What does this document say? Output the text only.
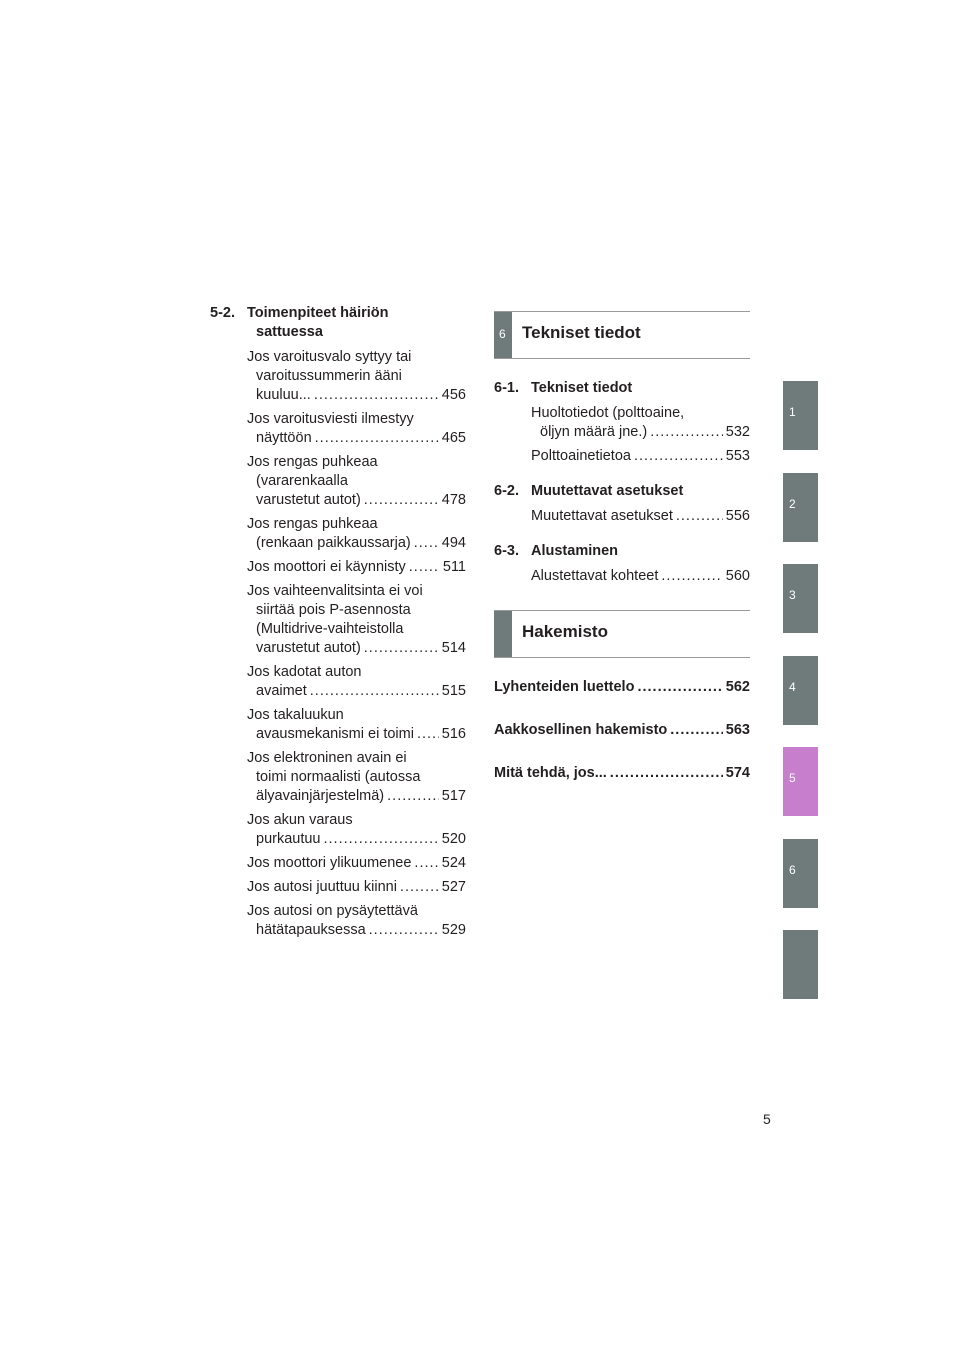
5-2. Toimenpiteet häiriön
sattuessa
Jos varoitusvalo syttyy tai
varoitussummerin ääni
kuuluu... .....	456
Jos varoitusviesti ilmestyy
näyttöön .....	465
Jos rengas puhkeaa
(vararenkaalla
varustetut autot) .....	478
Jos rengas puhkeaa
(renkaan paikkaussarja) ..... 494
Jos moottori ei käynnisty .....	511
Jos vaihteenvalitsinta ei voi
siirtää pois P-asennosta
(Multidrive-vaihteistolla
varustetut autot) .....	514
Jos kadotat auton
avaimet .....	515
Jos takaluukun
avausmekanismi ei toimi ..... 516
Jos elektroninen avain ei
toimi normaalisti (autossa
älyavainjärjestelmä) .....	517
Jos akun varaus
purkautuu .....	520
Jos moottori ylikuumenee ..... 524
Jos autosi juuttuu kiinni .....	527
Jos autosi on pysäytettävä
hätätapauksessa .....	529
6 Tekniset tiedot
6-1. Tekniset tiedot
Huoltotiedot (polttoaine,
öljyn määrä jne.) .....	532
Polttoainetietoa .....	553
6-2. Muutettavat asetukset
Muutettavat asetukset .....	556
6-3. Alustaminen
Alustettavat kohteet .....	560
Hakemisto
Lyhenteiden luettelo .....	562
Aakkosellinen hakemisto .....	563
Mitä tehdä, jos... .....	574
1
2
3
4
5
6
5
